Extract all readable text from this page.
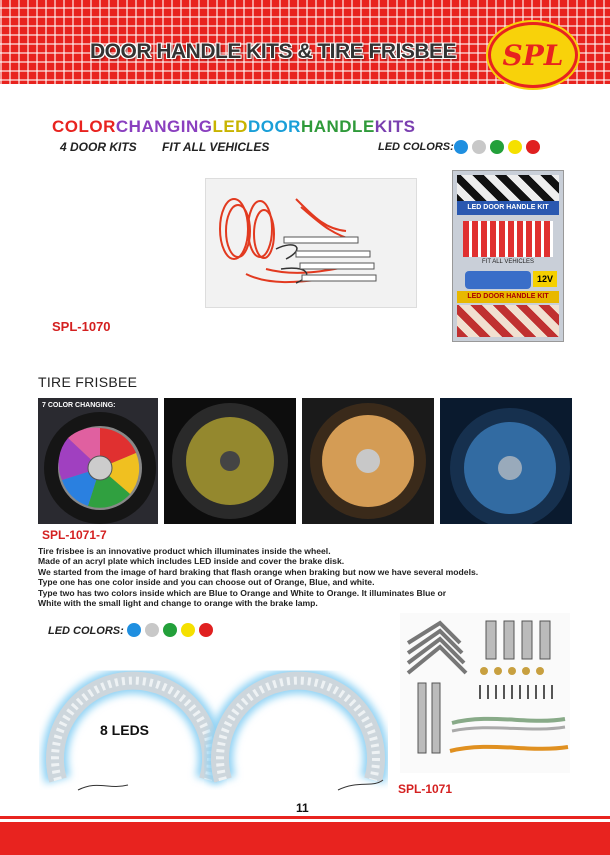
DOOR HANDLE KITS & TIRE FRISBEE SPL
COLORCHANGINGLEDDOORHANDLEKITS
4 DOOR KITS FIT ALL VEHICLES	LED COLORS:
LED DOOR HANDLE KIT
FIT ALL VEHICLES
12V
LED DOOR HANDLE KIT
SPL-1070
TIRE FRISBEE
7 COLOR CHANGING:
SPL-1071-7

Tire frisbee is an innovative product which illuminates inside the wheel.

Made of an acryl plate which includes LED inside and cover the brake disk.

We started from the image of hard braking that flash orange when braking but now we have several models.

Type one has one color inside and you can choose out of Orange, Blue, and white.

Type two has two colors inside which are Blue to Orange and White to Orange. It illuminates Blue or

White with the small light and change to orange with the brake lamp.

LED COLORS:
8 LEDS
SPL-1071
11
